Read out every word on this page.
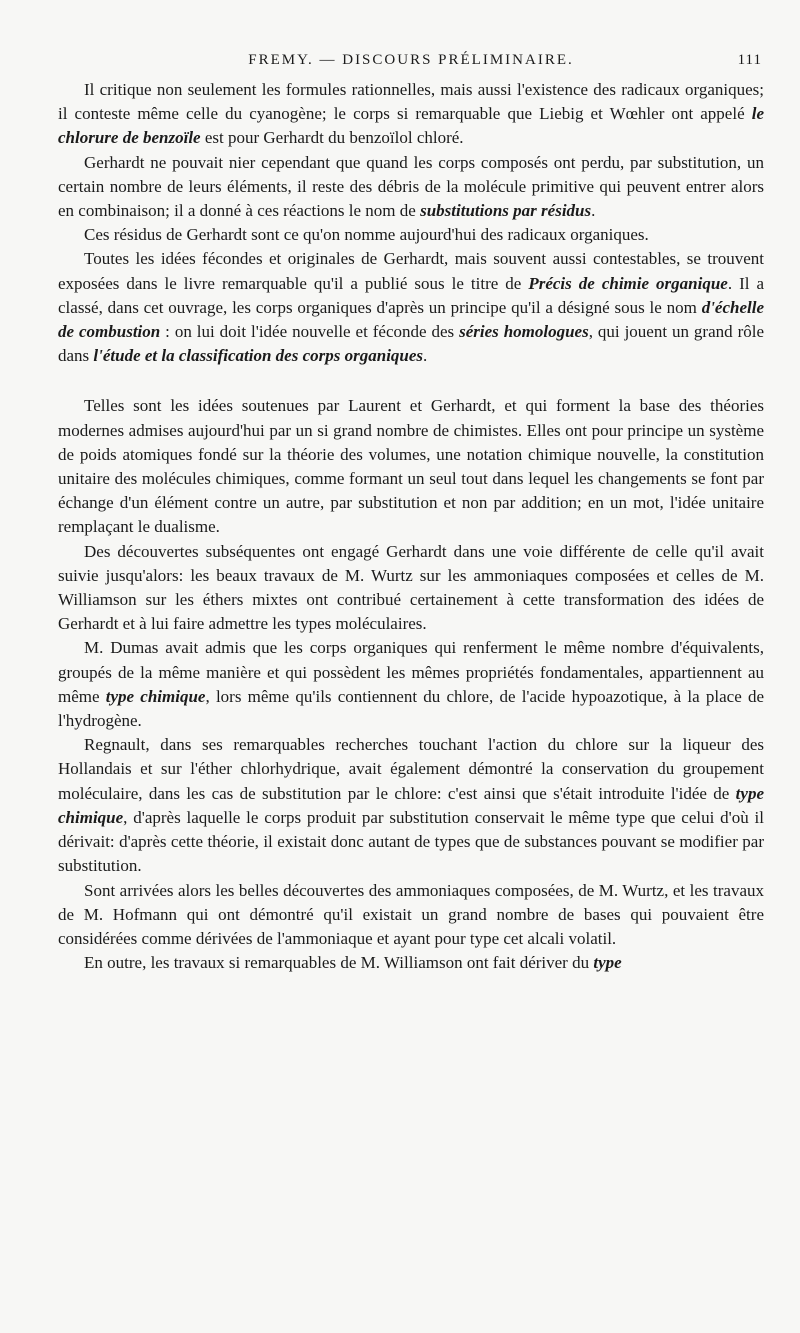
FREMY. — DISCOURS PRÉLIMINAIRE.	111

Il critique non seulement les formules rationnelles, mais aussi l'existence des radicaux organiques; il conteste même celle du cyanogène; le corps si remarquable que Liebig et Wœhler ont appelé le chlorure de benzoïle est pour Gerhardt du benzoïlol chloré.

Gerhardt ne pouvait nier cependant que quand les corps composés ont perdu, par substitution, un certain nombre de leurs éléments, il reste des débris de la molécule primitive qui peuvent entrer alors en combinaison; il a donné à ces réactions le nom de substitutions par résidus.

Ces résidus de Gerhardt sont ce qu'on nomme aujourd'hui des radicaux organiques.

Toutes les idées fécondes et originales de Gerhardt, mais souvent aussi contestables, se trouvent exposées dans le livre remarquable qu'il a publié sous le titre de Précis de chimie organique. Il a classé, dans cet ouvrage, les corps organiques d'après un principe qu'il a désigné sous le nom d'échelle de combustion : on lui doit l'idée nouvelle et féconde des séries homologues, qui jouent un grand rôle dans l'étude et la classification des corps organiques.

Telles sont les idées soutenues par Laurent et Gerhardt, et qui forment la base des théories modernes admises aujourd'hui par un si grand nombre de chimistes. Elles ont pour principe un système de poids atomiques fondé sur la théorie des volumes, une notation chimique nouvelle, la constitution unitaire des molécules chimiques, comme formant un seul tout dans lequel les changements se font par échange d'un élément contre un autre, par substitution et non par addition; en un mot, l'idée unitaire remplaçant le dualisme.

Des découvertes subséquentes ont engagé Gerhardt dans une voie différente de celle qu'il avait suivie jusqu'alors: les beaux travaux de M. Wurtz sur les ammoniaques composées et celles de M. Williamson sur les éthers mixtes ont contribué certainement à cette transformation des idées de Gerhardt et à lui faire admettre les types moléculaires.

M. Dumas avait admis que les corps organiques qui renferment le même nombre d'équivalents, groupés de la même manière et qui possèdent les mêmes propriétés fondamentales, appartiennent au même type chimique, lors même qu'ils contiennent du chlore, de l'acide hypoazotique, à la place de l'hydrogène.

Regnault, dans ses remarquables recherches touchant l'action du chlore sur la liqueur des Hollandais et sur l'éther chlorhydrique, avait également démontré la conservation du groupement moléculaire, dans les cas de substitution par le chlore: c'est ainsi que s'était introduite l'idée de type chimique, d'après laquelle le corps produit par substitution conservait le même type que celui d'où il dérivait: d'après cette théorie, il existait donc autant de types que de substances pouvant se modifier par substitution.

Sont arrivées alors les belles découvertes des ammoniaques composées, de M. Wurtz, et les travaux de M. Hofmann qui ont démontré qu'il existait un grand nombre de bases qui pouvaient être considérées comme dérivées de l'ammoniaque et ayant pour type cet alcali volatil.

En outre, les travaux si remarquables de M. Williamson ont fait dériver du type
